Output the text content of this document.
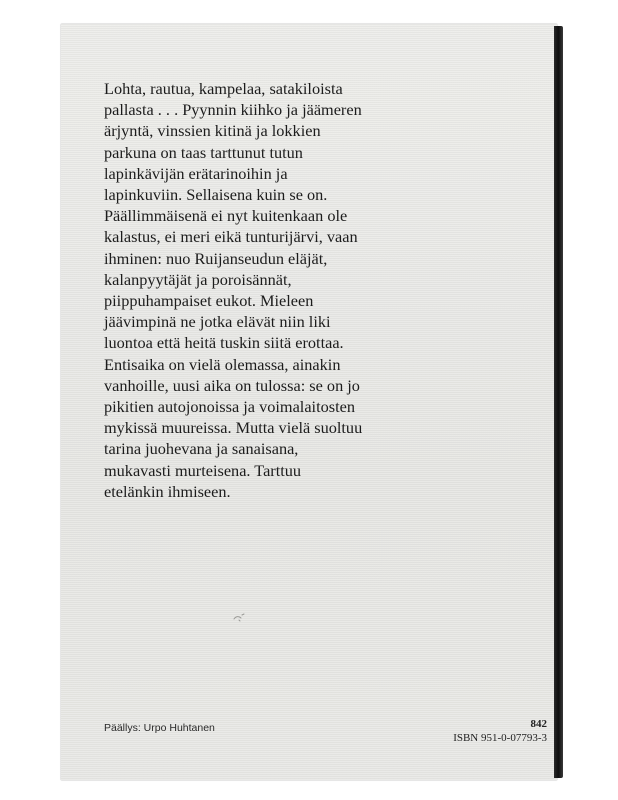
Lohta, rautua, kampelaa, satakiloista
pallasta . . . Pyynnin kiihko ja jäämeren
ärjyntä, vinssien kitinä ja lokkien
parkuna on taas tarttunut tutun
lapinkävijän erätarinoihin ja
lapinkuviin. Sellaisena kuin se on.
Päällimmäisenä ei nyt kuitenkaan ole
kalastus, ei meri eikä tunturijärvi, vaan
ihminen: nuo Ruijanseudun eläjät,
kalanpyytäjät ja poroisännät,
piippuhampaiset eukot. Mieleen
jäävimpinä ne jotka elävät niin liki
luontoa että heitä tuskin siitä erottaa.
Entisaika on vielä olemassa, ainakin
vanhoille, uusi aika on tulossa: se on jo
pikitien autojonoissa ja voimalaitosten
mykissä muureissa. Mutta vielä suoltuu
tarina juohevana ja sanaisana,
mukavasti murteisena. Tarttuu
etelänkin ihmiseen.
Päällys: Urpo Huhtanen	842
ISBN 951-0-07793-3
